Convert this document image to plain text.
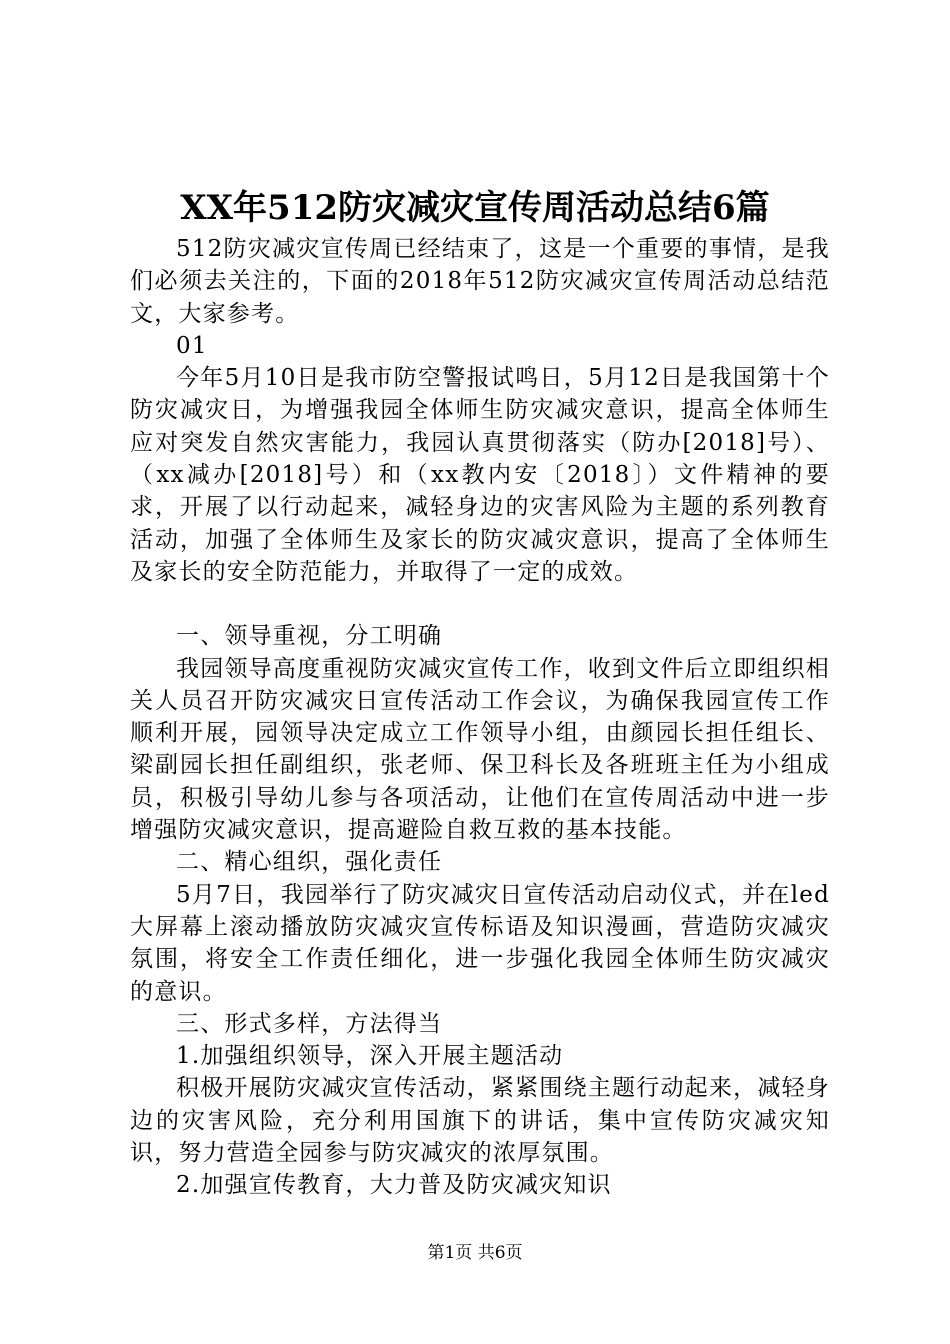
XX年512防灾减灾宣传周活动总结6篇

512防灾减灾宣传周已经结束了，这是一个重要的事情，是我们必须去关注的，下面的2018年512防灾减灾宣传周活动总结范文，大家参考。

01

今年5月10日是我市防空警报试鸣日，5月12日是我国第十个防灾减灾日，为增强我园全体师生防灾减灾意识，提高全体师生应对突发自然灾害能力，我园认真贯彻落实（防办[2018]号）、（xx减办[2018]号）和（xx教内安〔2018〕）文件精神的要求，开展了以行动起来，减轻身边的灾害风险为主题的系列教育活动，加强了全体师生及家长的防灾减灾意识，提高了全体师生及家长的安全防范能力，并取得了一定的成效。

一、领导重视，分工明确

我园领导高度重视防灾减灾宣传工作，收到文件后立即组织相关人员召开防灾减灾日宣传活动工作会议，为确保我园宣传工作顺利开展，园领导决定成立工作领导小组，由颜园长担任组长、梁副园长担任副组织，张老师、保卫科长及各班班主任为小组成员，积极引导幼儿参与各项活动，让他们在宣传周活动中进一步增强防灾减灾意识，提高避险自救互救的基本技能。

二、精心组织，强化责任

5月7日，我园举行了防灾减灾日宣传活动启动仪式，并在led大屏幕上滚动播放防灾减灾宣传标语及知识漫画，营造防灾减灾氛围，将安全工作责任细化，进一步强化我园全体师生防灾减灾的意识。

三、形式多样，方法得当

1.加强组织领导，深入开展主题活动

积极开展防灾减灾宣传活动，紧紧围绕主题行动起来，减轻身边的灾害风险，充分利用国旗下的讲话，集中宣传防灾减灾知识，努力营造全园参与防灾减灾的浓厚氛围。

2.加强宣传教育，大力普及防灾减灾知识

第1页 共6页
